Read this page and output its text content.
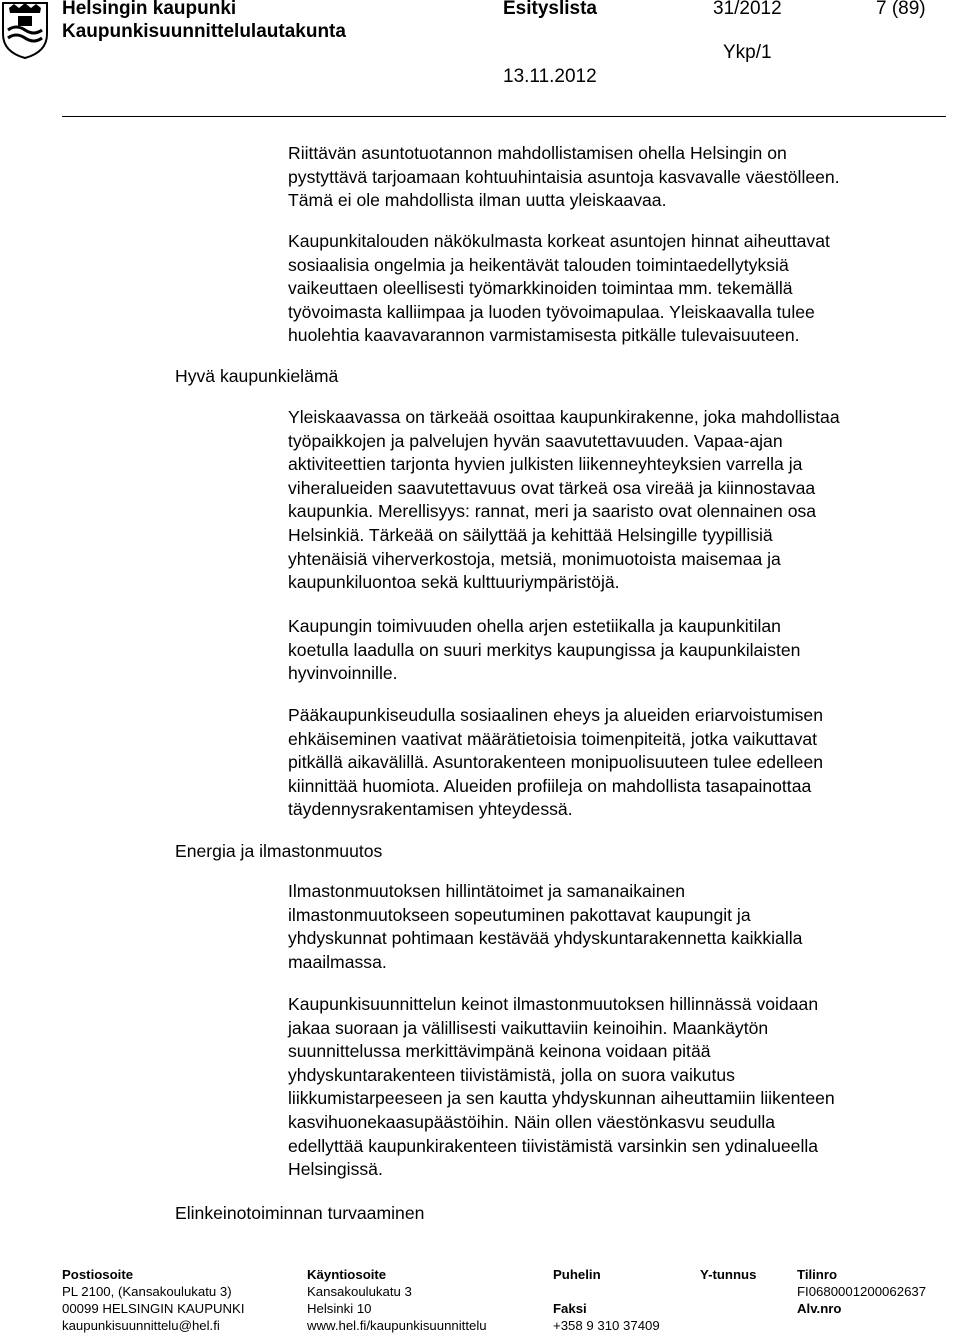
Helsingin kaupunki
Kaupunkisuunnittelulautakunta
Esityslista	31/2012	7 (89)
Ykp/1
13.11.2012
Hyvä kaupunkielämä
Energia ja ilmastonmuutos
Elinkeinotoiminnan turvaaminen
Riittävän asuntotuotannon mahdollistamisen ohella Helsingin on
pystyttävä tarjoamaan kohtuuhintaisia asuntoja kasvavalle väestölleen.
Tämä ei ole mahdollista ilman uutta yleiskaavaa.
Kaupunkitalouden näkökulmasta korkeat asuntojen hinnat aiheuttavat
sosiaalisia ongelmia ja heikentävät talouden toimintaedellytyksiä
vaikeuttaen oleellisesti työmarkkinoiden toimintaa mm. tekemällä
työvoimasta kalliimpaa ja luoden työvoimapulaa. Yleiskaavalla tulee
huolehtia kaavavarannon varmistamisesta pitkälle tulevaisuuteen.
Yleiskaavassa on tärkeää osoittaa kaupunkirakenne, joka mahdollistaa
työpaikkojen ja palvelujen hyvän saavutettavuuden. Vapaa-ajan
aktiviteettien tarjonta hyvien julkisten liikenneyhteyksien varrella ja
viheralueiden saavutettavuus ovat tärkeä osa vireää ja kiinnostavaa
kaupunkia. Merellisyys: rannat, meri ja saaristo ovat olennainen osa
Helsinkiä. Tärkeää on säilyttää ja kehittää Helsingille tyypillisiä
yhtenäisiä viherverkostoja, metsiä, monimuotoista maisemaa ja
kaupunkiluontoa sekä kulttuuriympäristöjä.
Kaupungin toimivuuden ohella arjen estetiikalla ja kaupunkitilan
koetulla laadulla on suuri merkitys kaupungissa ja kaupunkilaisten
hyvinvoinnille.
Pääkaupunkiseudulla sosiaalinen eheys ja alueiden eriarvoistumisen
ehkäiseminen vaativat määrätietoisia toimenpiteitä, jotka vaikuttavat
pitkällä aikavälillä. Asuntorakenteen monipuolisuuteen tulee edelleen
kiinnittää huomiota. Alueiden profiileja on mahdollista tasapainottaa
täydennysrakentamisen yhteydessä.
Ilmastonmuutoksen hillintätoimet ja samanaikainen
ilmastonmuutokseen sopeutuminen pakottavat kaupungit ja
yhdyskunnat pohtimaan kestävää yhdyskuntarakennetta kaikkialla
maailmassa.
Kaupunkisuunnittelun keinot ilmastonmuutoksen hillinnässä voidaan
jakaa suoraan ja välillisesti vaikuttaviin keinoihin. Maankäytön
suunnittelussa merkittävimpänä keinona voidaan pitää
yhdyskuntarakenteen tiivistämistä, jolla on suora vaikutus
liikkumistarpeeseen ja sen kautta yhdyskunnan aiheuttamiin liikenteen
kasvihuonekaasupäästöihin. Näin ollen väestönkasvu seudulla
edellyttää kaupunkirakenteen tiivistämistä varsinkin sen ydinalueella
Helsingissä.
Postiosoite
PL 2100, (Kansakoulukatu 3)
00099 HELSINGIN KAUPUNKI
kaupunkisuunnittelu@hel.fi
Käyntiosoite
Kansakoulukatu 3
Helsinki 10
www.hel.fi/kaupunkisuunnittelu
Puhelin

Faksi
+358 9 310 37409
Y-tunnus	Tilinro
FI0680001200062637
Alv.nro
